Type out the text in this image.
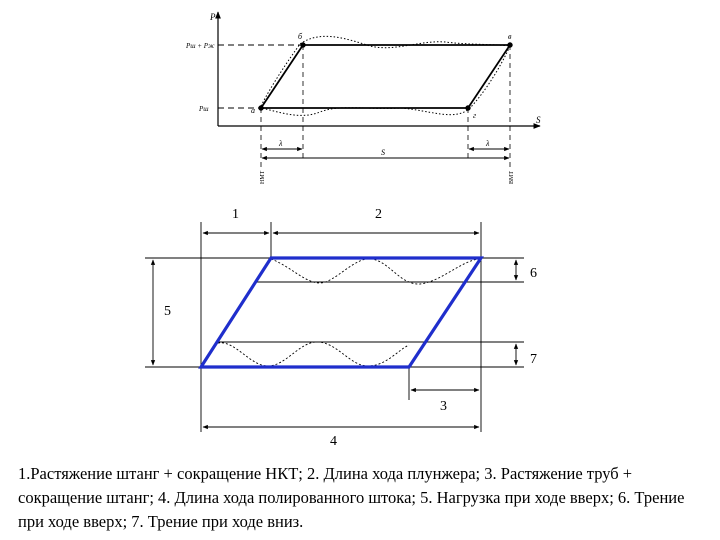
P
S
Pш + Рж
Рш	а
б	в
г
λ
S
λ
НМТ	ВМТ
1	2
3
4
5
6
7
1.Растяжение штанг + сокращение НКТ; 2. Длина хода плунжера; 3. Растяжение труб + сокращение штанг; 4. Длина хода полированного штока; 5. Нагрузка при ходе вверх; 6. Трение при ходе вверх; 7. Трение при ходе вниз.
